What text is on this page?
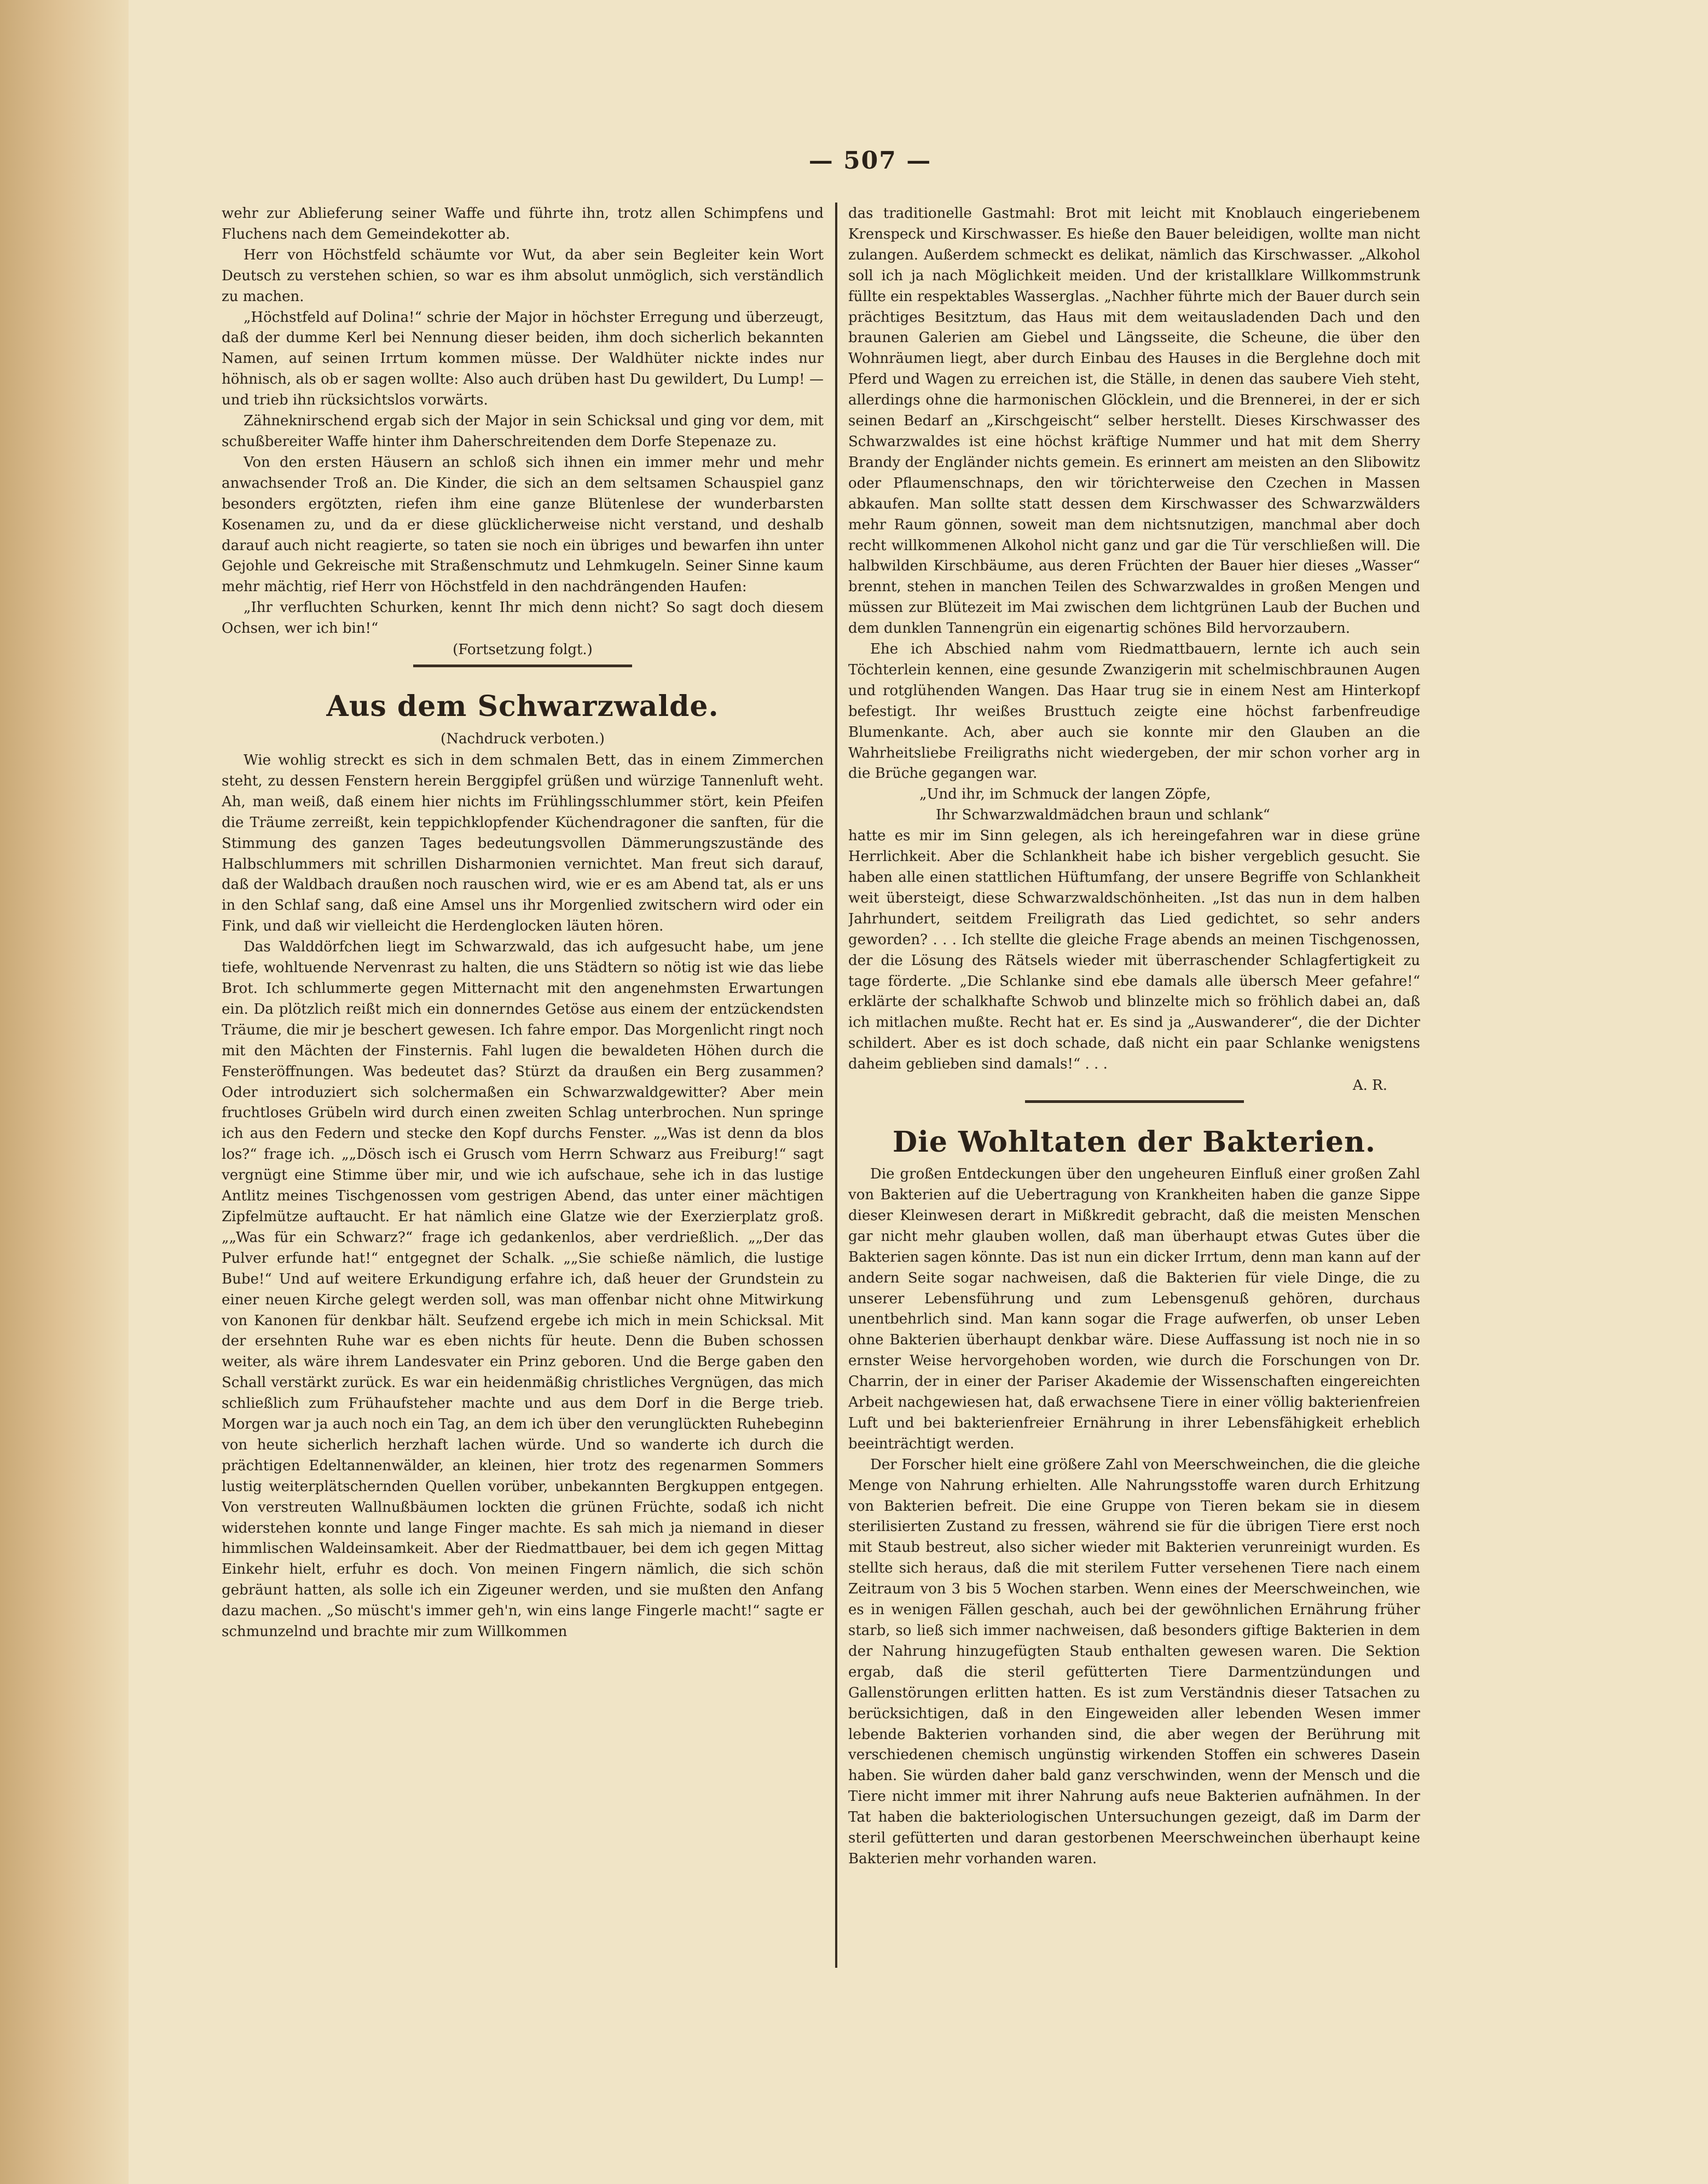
— 507 —

wehr zur Ablieferung seiner Waffe und führte ihn, trotz allen Schimpfens und Fluchens nach dem Gemeindekotter ab.

Herr von Höchstfeld schäumte vor Wut, da aber sein Begleiter kein Wort Deutsch zu verstehen schien, so war es ihm absolut unmöglich, sich verständlich zu machen.

„Höchstfeld auf Dolina!“ schrie der Major in höchster Erregung und überzeugt, daß der dumme Kerl bei Nennung dieser beiden, ihm doch sicherlich bekannten Namen, auf seinen Irrtum kommen müsse. Der Waldhüter nickte indes nur höhnisch, als ob er sagen wollte: Also auch drüben hast Du gewildert, Du Lump! — und trieb ihn rücksichtslos vorwärts.

Zähneknirschend ergab sich der Major in sein Schicksal und ging vor dem, mit schußbereiter Waffe hinter ihm Daherschreitenden dem Dorfe Stepenaze zu.

Von den ersten Häusern an schloß sich ihnen ein immer mehr und mehr anwachsender Troß an. Die Kinder, die sich an dem seltsamen Schauspiel ganz besonders ergötzten, riefen ihm eine ganze Blütenlese der wunderbarsten Kosenamen zu, und da er diese glücklicherweise nicht verstand, und deshalb darauf auch nicht reagierte, so taten sie noch ein übriges und bewarfen ihn unter Gejohle und Gekreische mit Straßenschmutz und Lehmkugeln. Seiner Sinne kaum mehr mächtig, rief Herr von Höchstfeld in den nachdrängenden Haufen:

„Ihr verfluchten Schurken, kennt Ihr mich denn nicht? So sagt doch diesem Ochsen, wer ich bin!“

(Fortsetzung folgt.)
Aus dem Schwarzwalde.
(Nachdruck verboten.)

Wie wohlig streckt es sich in dem schmalen Bett, das in einem Zimmerchen steht, zu dessen Fenstern herein Berggipfel grüßen und würzige Tannenluft weht. Ah, man weiß, daß einem hier nichts im Frühlingsschlummer stört, kein Pfeifen die Träume zerreißt, kein teppichklopfender Küchendragoner die sanften, für die Stimmung des ganzen Tages bedeutungsvollen Dämmerungszustände des Halbschlummers mit schrillen Disharmonien vernichtet. Man freut sich darauf, daß der Waldbach draußen noch rauschen wird, wie er es am Abend tat, als er uns in den Schlaf sang, daß eine Amsel uns ihr Morgenlied zwitschern wird oder ein Fink, und daß wir vielleicht die Herdenglocken läuten hören.

Das Walddörfchen liegt im Schwarzwald, das ich aufgesucht habe, um jene tiefe, wohltuende Nervenrast zu halten, die uns Städtern so nötig ist wie das liebe Brot. Ich schlummerte gegen Mitternacht mit den angenehmsten Erwartungen ein. Da plötzlich reißt mich ein donnerndes Getöse aus einem der entzückendsten Träume, die mir je beschert gewesen. Ich fahre empor. Das Morgenlicht ringt noch mit den Mächten der Finsternis. Fahl lugen die bewaldeten Höhen durch die Fensteröffnungen. Was bedeutet das? Stürzt da draußen ein Berg zusammen? Oder introduziert sich solchermaßen ein Schwarzwaldgewitter? Aber mein fruchtloses Grübeln wird durch einen zweiten Schlag unterbrochen. Nun springe ich aus den Federn und stecke den Kopf durchs Fenster. „„Was ist denn da blos los?“ frage ich. „„Dösch isch ei Grusch vom Herrn Schwarz aus Freiburg!“ sagt vergnügt eine Stimme über mir, und wie ich aufschaue, sehe ich in das lustige Antlitz meines Tischgenossen vom gestrigen Abend, das unter einer mächtigen Zipfelmütze auftaucht. Er hat nämlich eine Glatze wie der Exerzierplatz groß. „„Was für ein Schwarz?“ frage ich gedankenlos, aber verdrießlich. „„Der das Pulver erfunde hat!“ entgegnet der Schalk. „„Sie schieße nämlich, die lustige Bube!“ Und auf weitere Erkundigung erfahre ich, daß heuer der Grundstein zu einer neuen Kirche gelegt werden soll, was man offenbar nicht ohne Mitwirkung von Kanonen für denkbar hält. Seufzend ergebe ich mich in mein Schicksal. Mit der ersehnten Ruhe war es eben nichts für heute. Denn die Buben schossen weiter, als wäre ihrem Landesvater ein Prinz geboren. Und die Berge gaben den Schall verstärkt zurück. Es war ein heidenmäßig christliches Vergnügen, das mich schließlich zum Frühaufsteher machte und aus dem Dorf in die Berge trieb. Morgen war ja auch noch ein Tag, an dem ich über den verunglückten Ruhebeginn von heute sicherlich herzhaft lachen würde. Und so wanderte ich durch die prächtigen Edeltannenwälder, an kleinen, hier trotz des regenarmen Sommers lustig weiterplätschernden Quellen vorüber, unbekannten Bergkuppen entgegen. Von verstreuten Wallnußbäumen lockten die grünen Früchte, sodaß ich nicht widerstehen konnte und lange Finger machte. Es sah mich ja niemand in dieser himmlischen Waldeinsamkeit. Aber der Riedmattbauer, bei dem ich gegen Mittag Einkehr hielt, erfuhr es doch. Von meinen Fingern nämlich, die sich schön gebräunt hatten, als solle ich ein Zigeuner werden, und sie mußten den Anfang dazu machen. „So müscht's immer geh'n, win eins lange Fingerle macht!“ sagte er schmunzelnd und brachte mir zum Willkommen

das traditionelle Gastmahl: Brot mit leicht mit Knoblauch eingeriebenem Krenspeck und Kirschwasser. Es hieße den Bauer beleidigen, wollte man nicht zulangen. Außerdem schmeckt es delikat, nämlich das Kirschwasser. „Alkohol soll ich ja nach Möglichkeit meiden. Und der kristallklare Willkommstrunk füllte ein respektables Wasserglas. „Nachher führte mich der Bauer durch sein prächtiges Besitztum, das Haus mit dem weitausladenden Dach und den braunen Galerien am Giebel und Längsseite, die Scheune, die über den Wohnräumen liegt, aber durch Einbau des Hauses in die Berglehne doch mit Pferd und Wagen zu erreichen ist, die Ställe, in denen das saubere Vieh steht, allerdings ohne die harmonischen Glöcklein, und die Brennerei, in der er sich seinen Bedarf an „Kirschgeischt“ selber herstellt. Dieses Kirschwasser des Schwarzwaldes ist eine höchst kräftige Nummer und hat mit dem Sherry Brandy der Engländer nichts gemein. Es erinnert am meisten an den Slibowitz oder Pflaumenschnaps, den wir törichterweise den Czechen in Massen abkaufen. Man sollte statt dessen dem Kirschwasser des Schwarzwälders mehr Raum gönnen, soweit man dem nichtsnutzigen, manchmal aber doch recht willkommenen Alkohol nicht ganz und gar die Tür verschließen will. Die halbwilden Kirschbäume, aus deren Früchten der Bauer hier dieses „Wasser“ brennt, stehen in manchen Teilen des Schwarzwaldes in großen Mengen und müssen zur Blütezeit im Mai zwischen dem lichtgrünen Laub der Buchen und dem dunklen Tannengrün ein eigenartig schönes Bild hervorzaubern.

Ehe ich Abschied nahm vom Riedmattbauern, lernte ich auch sein Töchterlein kennen, eine gesunde Zwanzigerin mit schelmischbraunen Augen und rotglühenden Wangen. Das Haar trug sie in einem Nest am Hinterkopf befestigt. Ihr weißes Brusttuch zeigte eine höchst farbenfreudige Blumenkante. Ach, aber auch sie konnte mir den Glauben an die Wahrheitsliebe Freiligraths nicht wiedergeben, der mir schon vorher arg in die Brüche gegangen war.

„Und ihr, im Schmuck der langen Zöpfe,
Ihr Schwarzwaldmädchen braun und schlank“

hatte es mir im Sinn gelegen, als ich hereingefahren war in diese grüne Herrlichkeit. Aber die Schlankheit habe ich bisher vergeblich gesucht. Sie haben alle einen stattlichen Hüftumfang, der unsere Begriffe von Schlankheit weit übersteigt, diese Schwarzwaldschönheiten. „Ist das nun in dem halben Jahrhundert, seitdem Freiligrath das Lied gedichtet, so sehr anders geworden? . . . Ich stellte die gleiche Frage abends an meinen Tischgenossen, der die Lösung des Rätsels wieder mit überraschender Schlagfertigkeit zu tage förderte. „Die Schlanke sind ebe damals alle übersch Meer gefahre!“ erklärte der schalkhafte Schwob und blinzelte mich so fröhlich dabei an, daß ich mitlachen mußte. Recht hat er. Es sind ja „Auswanderer“, die der Dichter schildert. Aber es ist doch schade, daß nicht ein paar Schlanke wenigstens daheim geblieben sind damals!“ . . .

A. R.
Die Wohltaten der Bakterien.

Die großen Entdeckungen über den ungeheuren Einfluß einer großen Zahl von Bakterien auf die Uebertragung von Krankheiten haben die ganze Sippe dieser Kleinwesen derart in Mißkredit gebracht, daß die meisten Menschen gar nicht mehr glauben wollen, daß man überhaupt etwas Gutes über die Bakterien sagen könnte. Das ist nun ein dicker Irrtum, denn man kann auf der andern Seite sogar nachweisen, daß die Bakterien für viele Dinge, die zu unserer Lebensführung und zum Lebensgenuß gehören, durchaus unentbehrlich sind. Man kann sogar die Frage aufwerfen, ob unser Leben ohne Bakterien überhaupt denkbar wäre. Diese Auffassung ist noch nie in so ernster Weise hervorgehoben worden, wie durch die Forschungen von Dr. Charrin, der in einer der Pariser Akademie der Wissenschaften eingereichten Arbeit nachgewiesen hat, daß erwachsene Tiere in einer völlig bakterienfreien Luft und bei bakterienfreier Ernährung in ihrer Lebensfähigkeit erheblich beeinträchtigt werden.

Der Forscher hielt eine größere Zahl von Meerschweinchen, die die gleiche Menge von Nahrung erhielten. Alle Nahrungsstoffe waren durch Erhitzung von Bakterien befreit. Die eine Gruppe von Tieren bekam sie in diesem sterilisierten Zustand zu fressen, während sie für die übrigen Tiere erst noch mit Staub bestreut, also sicher wieder mit Bakterien verunreinigt wurden. Es stellte sich heraus, daß die mit sterilem Futter versehenen Tiere nach einem Zeitraum von 3 bis 5 Wochen starben. Wenn eines der Meerschweinchen, wie es in wenigen Fällen geschah, auch bei der gewöhnlichen Ernährung früher starb, so ließ sich immer nachweisen, daß besonders giftige Bakterien in dem der Nahrung hinzugefügten Staub enthalten gewesen waren. Die Sektion ergab, daß die steril gefütterten Tiere Darmentzündungen und Gallenstörungen erlitten hatten. Es ist zum Verständnis dieser Tatsachen zu berücksichtigen, daß in den Eingeweiden aller lebenden Wesen immer lebende Bakterien vorhanden sind, die aber wegen der Berührung mit verschiedenen chemisch ungünstig wirkenden Stoffen ein schweres Dasein haben. Sie würden daher bald ganz verschwinden, wenn der Mensch und die Tiere nicht immer mit ihrer Nahrung aufs neue Bakterien aufnähmen. In der Tat haben die bakteriologischen Untersuchungen gezeigt, daß im Darm der steril gefütterten und daran gestorbenen Meerschweinchen überhaupt keine Bakterien mehr vorhanden waren.
